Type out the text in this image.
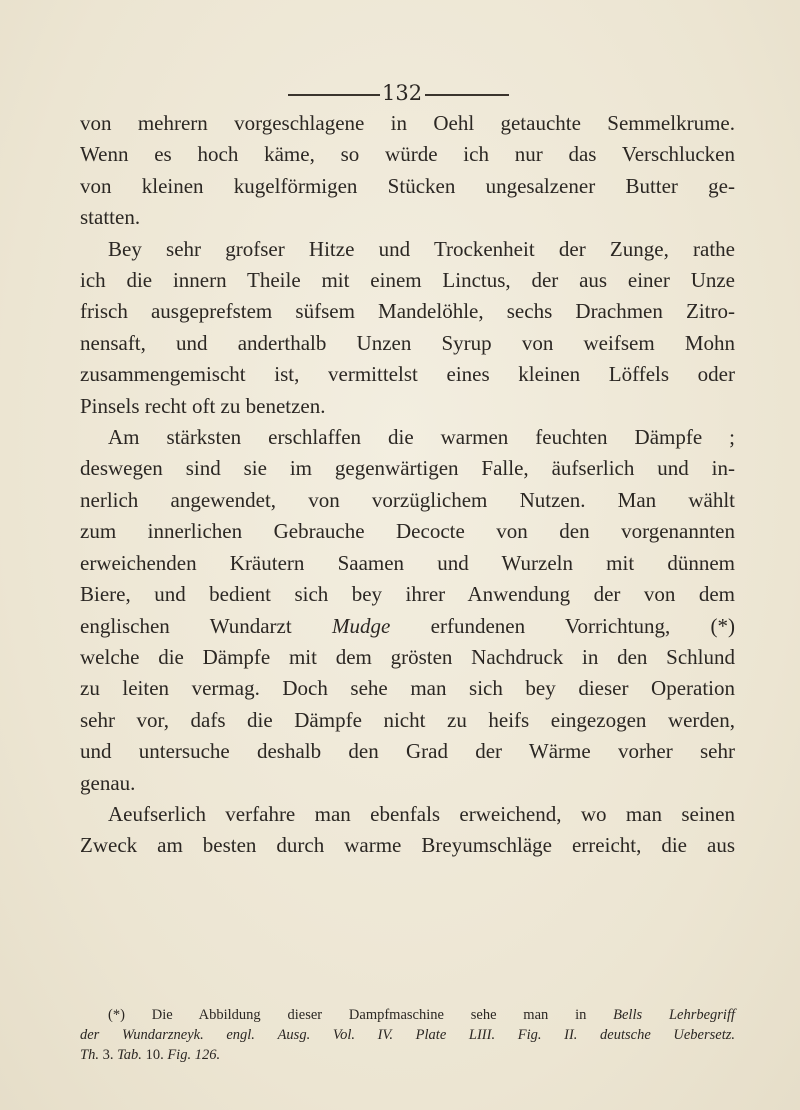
132

von mehrern vorgeschlagene in Oehl getauchte Semmelkrume.
Wenn es hoch käme, so würde ich nur das Verschlucken
von kleinen kugelförmigen Stücken ungesalzener Butter ge-
statten.

Bey sehr grofser Hitze und Trockenheit der Zunge, rathe
ich die innern Theile mit einem Linctus, der aus einer Unze
frisch ausgeprefstem süfsem Mandelöhle, sechs Drachmen Zitro-
nensaft, und anderthalb Unzen Syrup von weifsem Mohn
zusammengemischt ist, vermittelst eines kleinen Löffels oder
Pinsels recht oft zu benetzen.

Am stärksten erschlaffen die warmen feuchten Dämpfe ;
deswegen sind sie im gegenwärtigen Falle, äufserlich und in-
nerlich angewendet, von vorzüglichem Nutzen. Man wählt
zum innerlichen Gebrauche Decocte von den vorgenannten
erweichenden Kräutern Saamen und Wurzeln mit dünnem
Biere, und bedient sich bey ihrer Anwendung der von dem
englischen Wundarzt Mudge erfundenen Vorrichtung, (*)
welche die Dämpfe mit dem grösten Nachdruck in den Schlund
zu leiten vermag. Doch sehe man sich bey dieser Operation
sehr vor, dafs die Dämpfe nicht zu heifs eingezogen werden,
und untersuche deshalb den Grad der Wärme vorher sehr
genau.

Aeufserlich verfahre man ebenfals erweichend, wo man seinen
Zweck am besten durch warme Breyumschläge erreicht, die aus

(*) Die Abbildung dieser Dampfmaschine sehe man in Bells Lehrbegriff
der Wundarzneyk. engl. Ausg. Vol. IV. Plate LIII. Fig. II. deutsche Uebersetz.
Th. 3. Tab. 10. Fig. 126.
